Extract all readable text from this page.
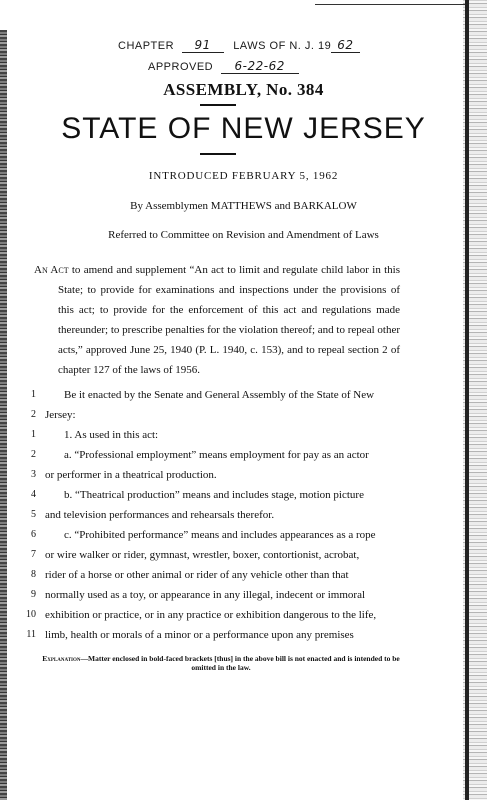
CHAPTER 91 LAWS OF N. J. 19 62
APPROVED 6-22-62
ASSEMBLY, No. 384
STATE OF NEW JERSEY
INTRODUCED FEBRUARY 5, 1962
By Assemblymen MATTHEWS and BARKALOW
Referred to Committee on Revision and Amendment of Laws

An Act to amend and supplement “An act to limit and regulate child labor in this State; to provide for examinations and inspections under the provisions of this act; to provide for the enforcement of this act and regulations made thereunder; to prescribe penalties for the violation thereof; and to repeal other acts,” approved June 25, 1940 (P. L. 1940, c. 153), and to repeal section 2 of chapter 127 of the laws of 1956.

1	Be it enacted by the Senate and General Assembly of the State of New
2 Jersey:
1	1. As used in this act:
2	a. “Professional employment” means employment for pay as an actor
3 or performer in a theatrical production.
4	b. “Theatrical production” means and includes stage, motion picture
5 and television performances and rehearsals therefor.
6	c. “Prohibited performance” means and includes appearances as a rope
7 or wire walker or rider, gymnast, wrestler, boxer, contortionist, acrobat,
8 rider of a horse or other animal or rider of any vehicle other than that
9 normally used as a toy, or appearance in any illegal, indecent or immoral
10 exhibition or practice, or in any practice or exhibition dangerous to the life,
11 limb, health or morals of a minor or a performance upon any premises
Explanation—Matter enclosed in bold-faced brackets [thus] in the above bill is not enacted and is intended to be omitted in the law.
